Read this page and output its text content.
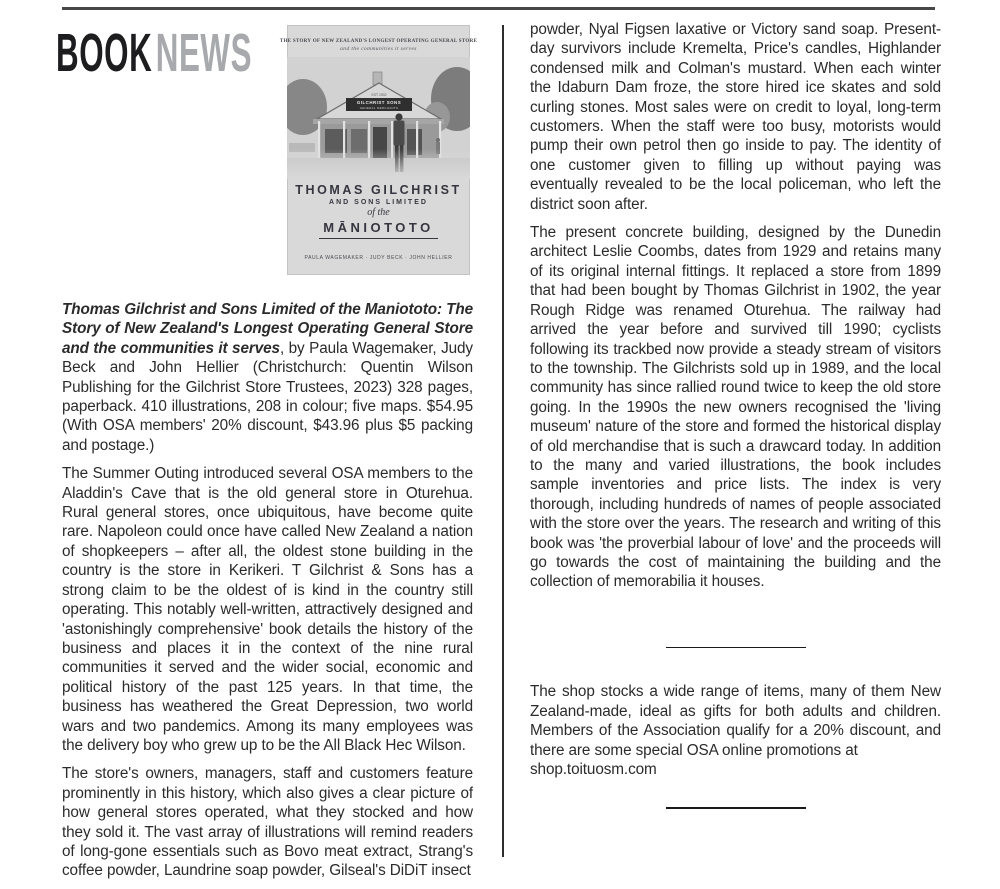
BOOKNEWS	THE STORY OF NEW ZEALAND'S LONGEST OPERATING GENERAL STORE
and the communities it serves
EST 1902
GILCHRIST SONS
GENERAL MERCHANTS
THOMAS GILCHRIST
AND SONS LIMITED
of the
MĀNIOTOTO
PAULA WAGEMAKER · JUDY BECK · JOHN HELLIER

Thomas Gilchrist and Sons Limited of the Maniototo: The Story of New Zealand's Longest Operating General Store and the communities it serves, by Paula Wagemaker, Judy Beck and John Hellier (Christchurch: Quentin Wilson Publishing for the Gilchrist Store Trustees, 2023) 328 pages, paperback. 410 illustrations, 208 in colour; five maps. $54.95 (With OSA members' 20% discount, $43.96 plus $5 packing and postage.)

The Summer Outing introduced several OSA members to the Aladdin's Cave that is the old general store in Oturehua. Rural general stores, once ubiquitous, have become quite rare. Napoleon could once have called New Zealand a nation of shopkeepers – after all, the oldest stone building in the country is the store in Kerikeri. T Gilchrist & Sons has a strong claim to be the oldest of is kind in the country still operating. This notably well-written, attractively designed and 'astonishingly comprehensive' book details the history of the business and places it in the context of the nine rural communities it served and the wider social, economic and political history of the past 125 years. In that time, the business has weathered the Great Depression, two world wars and two pandemics. Among its many employees was the delivery boy who grew up to be the All Black Hec Wilson.

The store's owners, managers, staff and customers feature prominently in this history, which also gives a clear picture of how general stores operated, what they stocked and how they sold it. The vast array of illustrations will remind readers of long-gone essentials such as Bovo meat extract, Strang's coffee powder, Laundrine soap powder, Gilseal's DiDiT insect

powder, Nyal Figsen laxative or Victory sand soap. Present-day survivors include Kremelta, Price's candles, Highlander condensed milk and Colman's mustard. When each winter the Idaburn Dam froze, the store hired ice skates and sold curling stones. Most sales were on credit to loyal, long-term customers. When the staff were too busy, motorists would pump their own petrol then go inside to pay. The identity of one customer given to filling up without paying was eventually revealed to be the local policeman, who left the district soon after.

The present concrete building, designed by the Dunedin architect Leslie Coombs, dates from 1929 and retains many of its original internal fittings. It replaced a store from 1899 that had been bought by Thomas Gilchrist in 1902, the year Rough Ridge was renamed Oturehua. The railway had arrived the year before and survived till 1990; cyclists following its trackbed now provide a steady stream of visitors to the township. The Gilchrists sold up in 1989, and the local community has since rallied round twice to keep the old store going. In the 1990s the new owners recognised the 'living museum' nature of the store and formed the historical display of old merchandise that is such a drawcard today. In addition to the many and varied illustrations, the book includes sample inventories and price lists. The index is very thorough, including hundreds of names of people associated with the store over the years. The research and writing of this book was 'the proverbial labour of love' and the proceeds will go towards the cost of maintaining the building and the collection of memorabilia it houses.

The shop stocks a wide range of items, many of them New Zealand-made, ideal as gifts for both adults and children. Members of the Association qualify for a 20% discount, and there are some special OSA online promotions at
shop.toituosm.com
